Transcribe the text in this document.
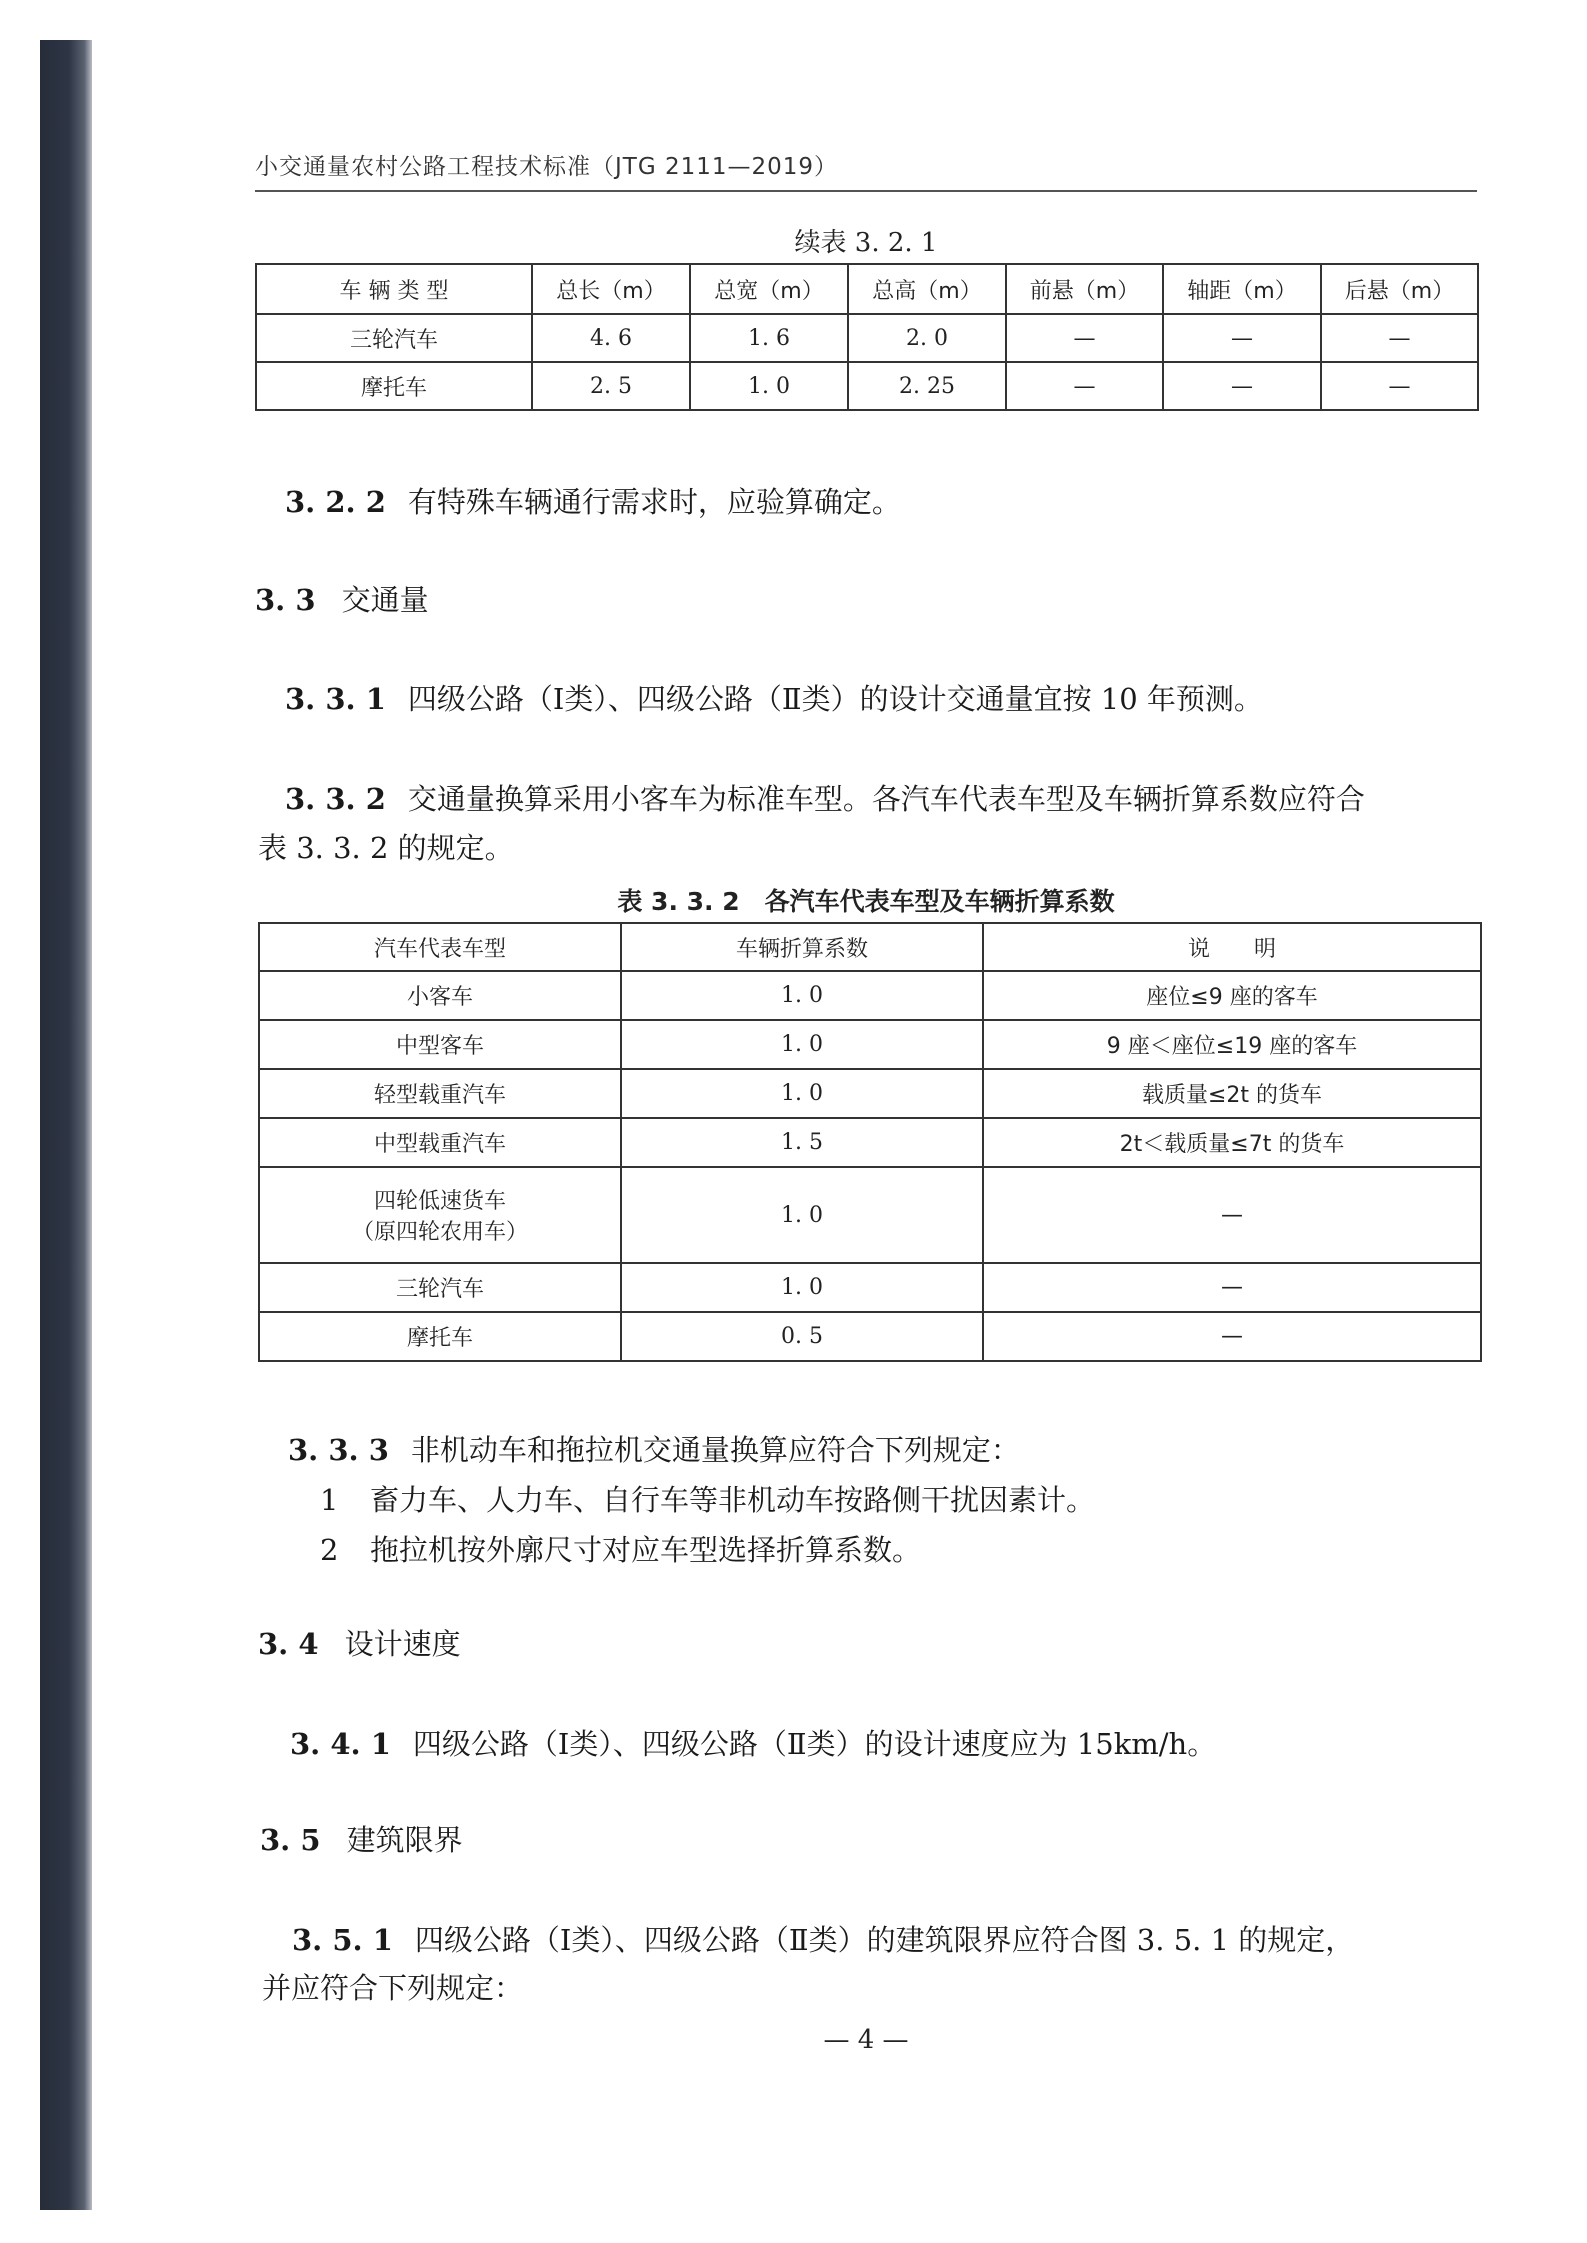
小交通量农村公路工程技术标准（JTG 2111—2019）
续表 3. 2. 1
车 辆 类 型	总长（m）	总宽（m）	总高（m）	前悬（m）	轴距（m）	后悬（m）
三轮汽车	4. 6	1. 6	2. 0	—	—	—
摩托车	2. 5	1. 0	2. 25	—	—	—
3. 2. 2 有特殊车辆通行需求时，应验算确定。
3. 3 交通量
3. 3. 1 四级公路（Ⅰ类）、四级公路（Ⅱ类）的设计交通量宜按 10 年预测。
3. 3. 2 交通量换算采用小客车为标准车型。各汽车代表车型及车辆折算系数应符合
表 3. 3. 2 的规定。
表 3. 3. 2　各汽车代表车型及车辆折算系数
汽车代表车型	车辆折算系数	说　　明
小客车	1. 0	座位≤9 座的客车
中型客车	1. 0	9 座＜座位≤19 座的客车
轻型载重汽车	1. 0	载质量≤2t 的货车
中型载重汽车	1. 5	2t＜载质量≤7t 的货车

四轮低速货车
（原四轮农用车）	1. 0	—
三轮汽车	1. 0	—
摩托车	0. 5	—
3. 3. 3 非机动车和拖拉机交通量换算应符合下列规定：
1 畜力车、人力车、自行车等非机动车按路侧干扰因素计。
2 拖拉机按外廓尺寸对应车型选择折算系数。
3. 4 设计速度
3. 4. 1 四级公路（Ⅰ类）、四级公路（Ⅱ类）的设计速度应为 15km/h。
3. 5 建筑限界
3. 5. 1 四级公路（Ⅰ类）、四级公路（Ⅱ类）的建筑限界应符合图 3. 5. 1 的规定，
并应符合下列规定：
— 4 —
